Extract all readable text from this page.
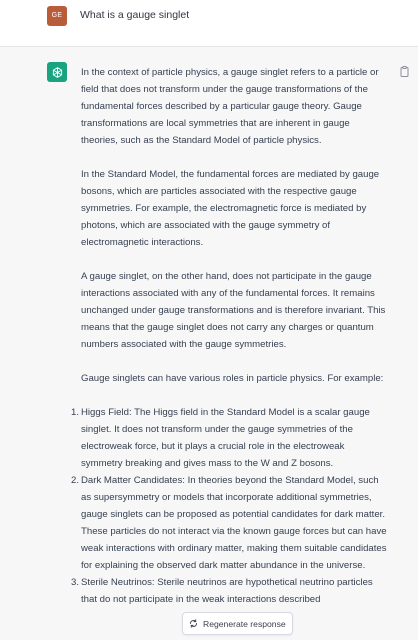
GE	What is a gauge singlet

In the context of particle physics, a gauge singlet refers to a particle or field that does not transform under the gauge transformations of the fundamental forces described by a particular gauge theory. Gauge transformations are local symmetries that are inherent in gauge theories, such as the Standard Model of particle physics.

In the Standard Model, the fundamental forces are mediated by gauge bosons, which are particles associated with the respective gauge symmetries. For example, the electromagnetic force is mediated by photons, which are associated with the gauge symmetry of electromagnetic interactions.

A gauge singlet, on the other hand, does not participate in the gauge interactions associated with any of the fundamental forces. It remains unchanged under gauge transformations and is therefore invariant. This means that the gauge singlet does not carry any charges or quantum numbers associated with the gauge symmetries.

Gauge singlets can have various roles in particle physics. For example:

1. Higgs Field: The Higgs field in the Standard Model is a scalar gauge singlet. It does not transform under the gauge symmetries of the electroweak force, but it plays a crucial role in the electroweak symmetry breaking and gives mass to the W and Z bosons.
2. Dark Matter Candidates: In theories beyond the Standard Model, such as supersymmetry or models that incorporate additional symmetries, gauge singlets can be proposed as potential candidates for dark matter. These particles do not interact via the known gauge forces but can have weak interactions with ordinary matter, making them suitable candidates for explaining the observed dark matter abundance in the universe.
3. Sterile Neutrinos: Sterile neutrinos are hypothetical neutrino particles that do not participate in the weak interactions described
Regenerate response
